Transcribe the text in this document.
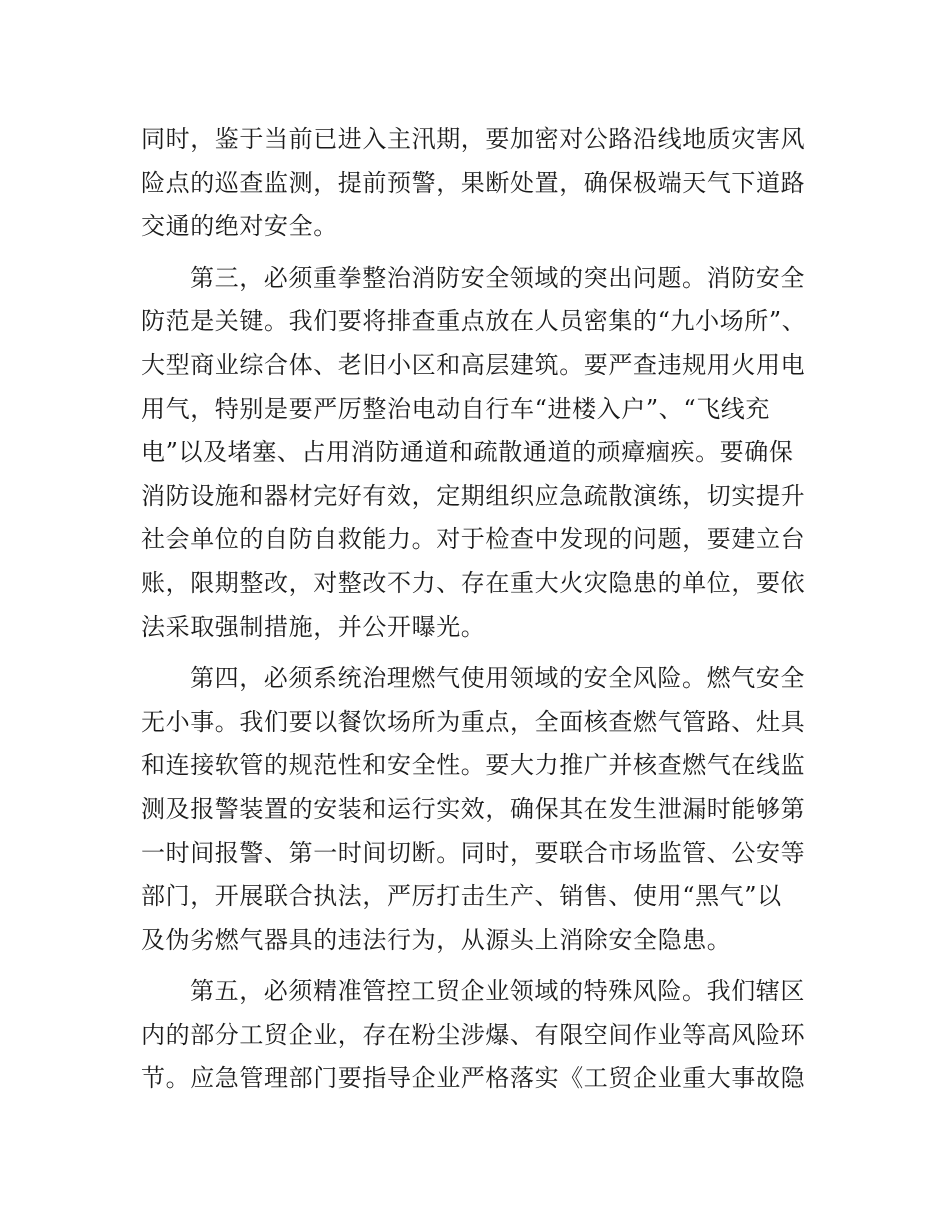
同时，鉴于当前已进入主汛期，要加密对公路沿线地质灾害风
险点的巡查监测，提前预警，果断处置，确保极端天气下道路
交通的绝对安全。
第三，必须重拳整治消防安全领域的突出问题。消防安全
防范是关键。我们要将排查重点放在人员密集的“九小场所”、
大型商业综合体、老旧小区和高层建筑。要严查违规用火用电
用气，特别是要严厉整治电动自行车“进楼入户”、“飞线充
电”以及堵塞、占用消防通道和疏散通道的顽瘴痼疾。要确保
消防设施和器材完好有效，定期组织应急疏散演练，切实提升
社会单位的自防自救能力。对于检查中发现的问题，要建立台
账，限期整改，对整改不力、存在重大火灾隐患的单位，要依
法采取强制措施，并公开曝光。
第四，必须系统治理燃气使用领域的安全风险。燃气安全
无小事。我们要以餐饮场所为重点，全面核查燃气管路、灶具
和连接软管的规范性和安全性。要大力推广并核查燃气在线监
测及报警装置的安装和运行实效，确保其在发生泄漏时能够第
一时间报警、第一时间切断。同时，要联合市场监管、公安等
部门，开展联合执法，严厉打击生产、销售、使用“黑气”以
及伪劣燃气器具的违法行为，从源头上消除安全隐患。
第五，必须精准管控工贸企业领域的特殊风险。我们辖区
内的部分工贸企业，存在粉尘涉爆、有限空间作业等高风险环
节。应急管理部门要指导企业严格落实《工贸企业重大事故隐
